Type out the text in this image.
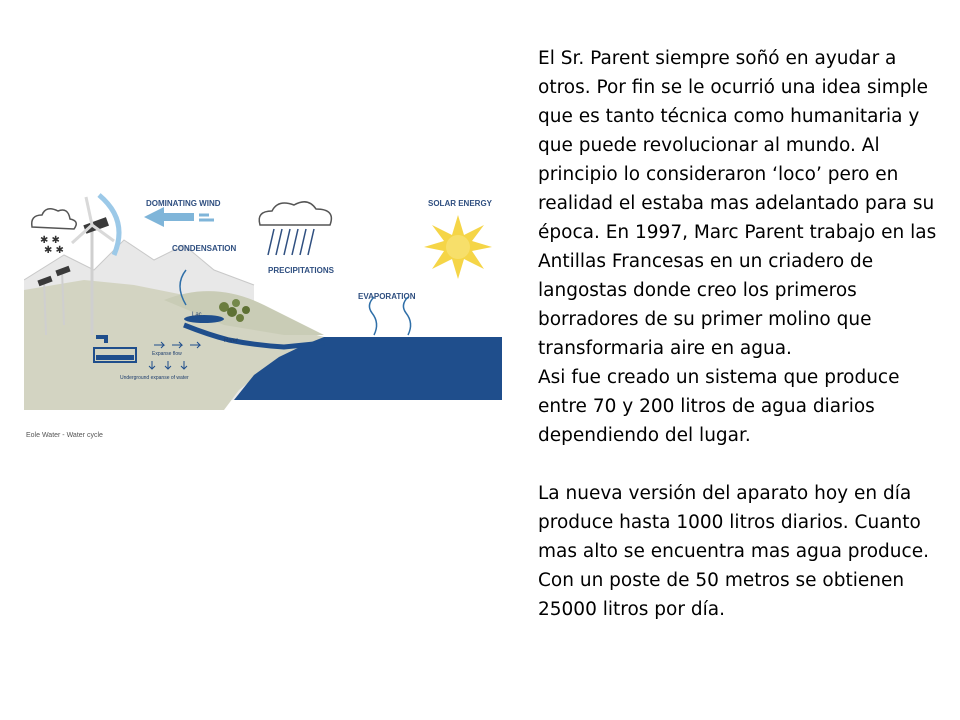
✱ ✱
✱ ✱
DOMINATING WIND
CONDENSATION
PRECIPITATIONS
SOLAR ENERGY
EVAPORATION
Lac
River
Expanse flow
Underground expanse of water
Eole Water - Water cycle

El Sr. Parent siempre soñó en ayudar a otros. Por fin se le ocurrió una idea simple que es tanto técnica como humanitaria y que puede revolucionar al mundo. Al principio lo consideraron ‘loco’ pero en realidad el estaba mas adelantado para su época. En 1997, Marc Parent trabajo en las Antillas Francesas en un criadero de langostas donde creo los primeros borradores de su primer molino que transformaria aire en agua.

Asi fue creado un sistema que produce entre 70 y 200 litros de agua diarios dependiendo del lugar.

La nueva versión del aparato hoy en día produce hasta 1000 litros diarios. Cuanto mas alto se encuentra mas agua produce. Con un poste de 50 metros se obtienen 25000 litros por día.
